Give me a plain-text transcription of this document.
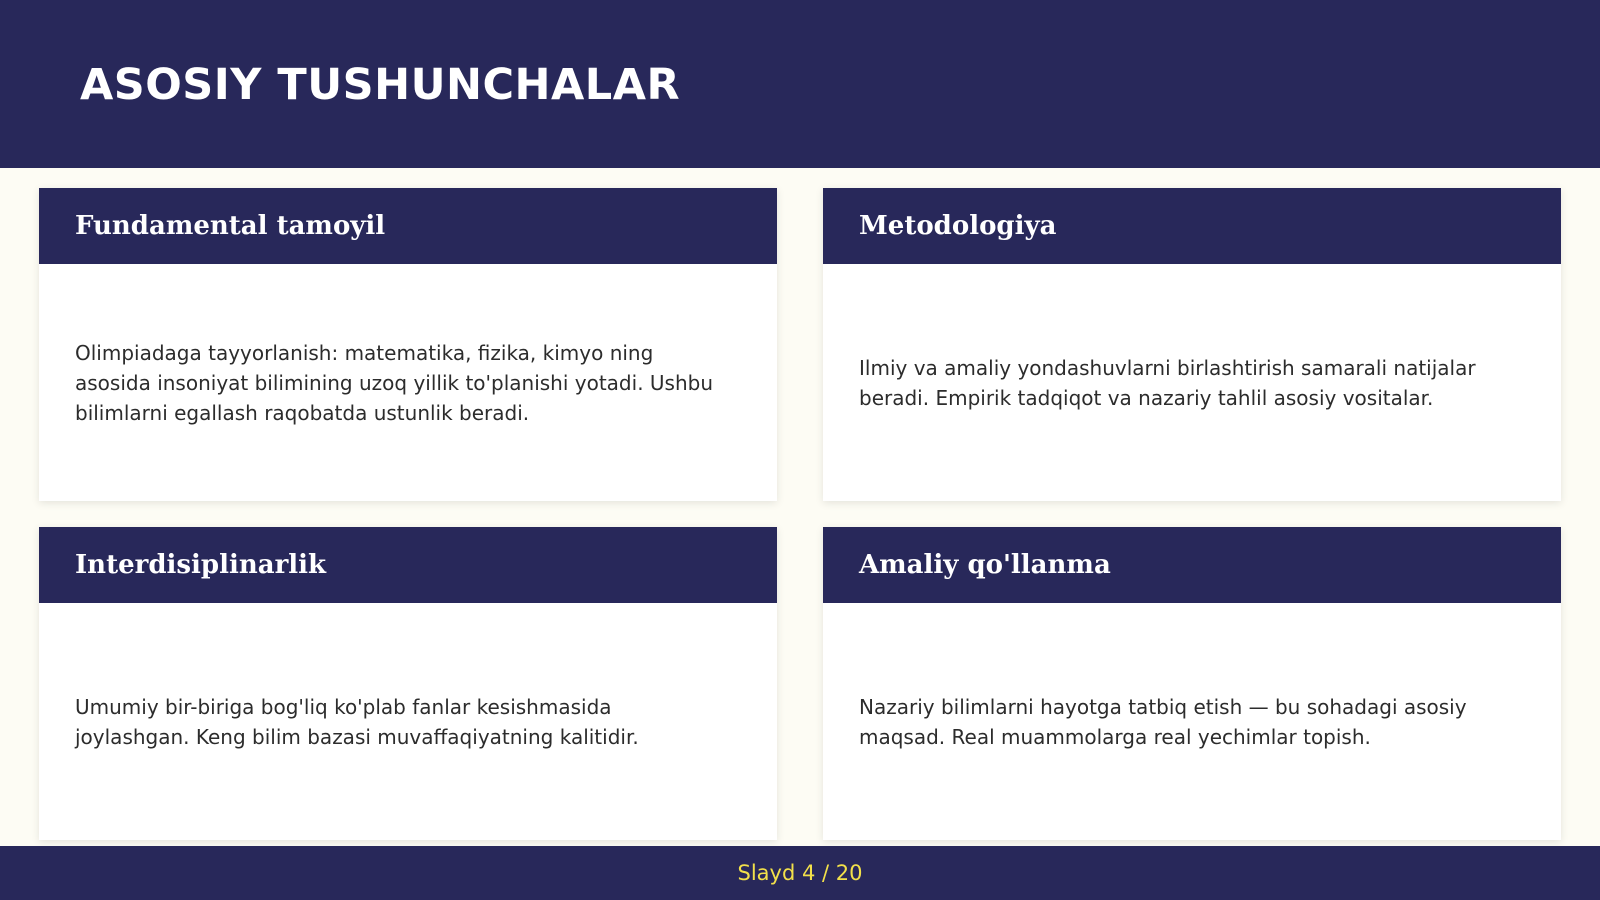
ASOSIY TUSHUNCHALAR
Fundamental tamoyil

Olimpiadaga tayyorlanish: matematika, fizika, kimyo ning asosida insoniyat bilimining uzoq yillik to'planishi yotadi. Ushbu bilimlarni egallash raqobatda ustunlik beradi.

Metodologiya

Ilmiy va amaliy yondashuvlarni birlashtirish samarali natijalar beradi. Empirik tadqiqot va nazariy tahlil asosiy vositalar.

Interdisiplinarlik

Umumiy bir-biriga bog'liq ko'plab fanlar kesishmasida joylashgan. Keng bilim bazasi muvaffaqiyatning kalitidir.

Amaliy qo'llanma

Nazariy bilimlarni hayotga tatbiq etish — bu sohadagi asosiy maqsad. Real muammolarga real yechimlar topish.

Slayd 4 / 20
